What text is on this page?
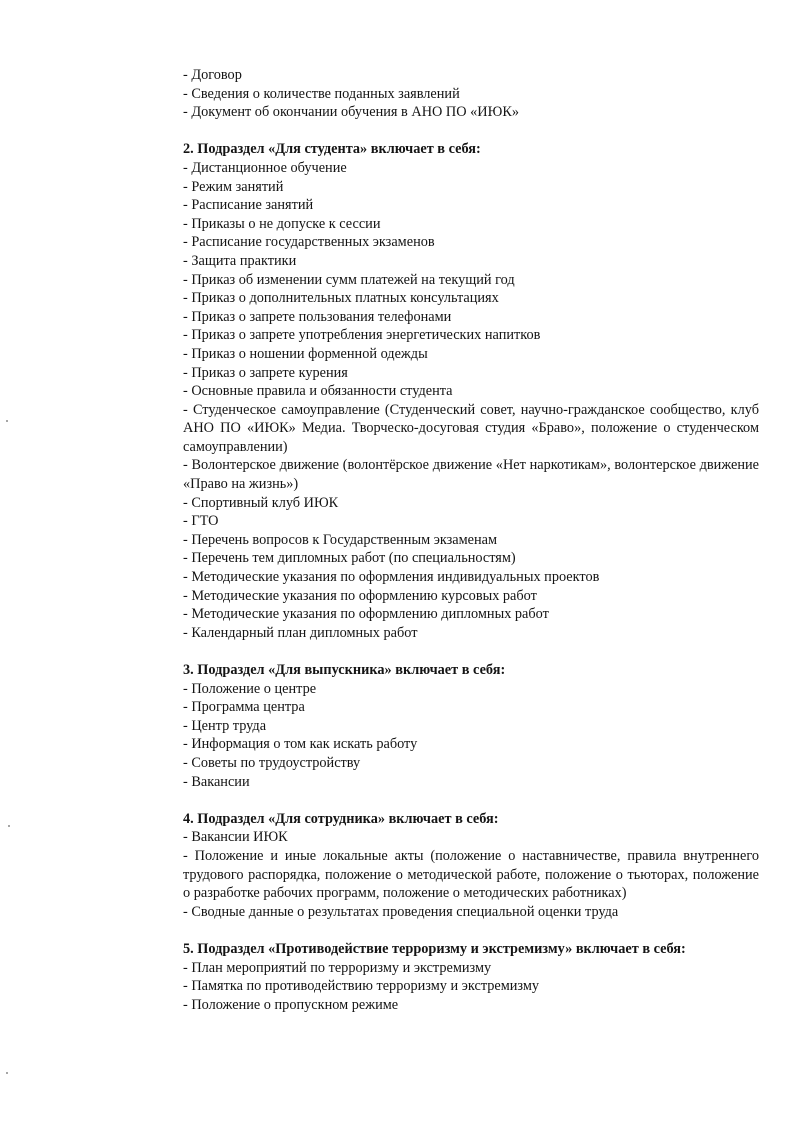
- Договор
- Сведения о количестве поданных заявлений
- Документ об окончании обучения в АНО ПО «ИЮК»
2. Подраздел «Для студента» включает в себя:
- Дистанционное обучение
- Режим занятий
- Расписание занятий
- Приказы о не допуске к сессии
- Расписание государственных экзаменов
- Защита практики
- Приказ об изменении сумм платежей на текущий год
- Приказ о дополнительных платных консультациях
- Приказ о запрете пользования телефонами
- Приказ о запрете употребления энергетических напитков
- Приказ о ношении форменной одежды
- Приказ о запрете курения
- Основные правила и обязанности студента
- Студенческое самоуправление (Студенческий совет, научно-гражданское сообщество, клуб АНО ПО «ИЮК» Медиа. Творческо-досуговая студия «Браво», положение о студенческом самоуправлении)
- Волонтерское движение (волонтёрское движение «Нет наркотикам», волонтерское движение «Право на жизнь»)
- Спортивный клуб ИЮК
- ГТО
- Перечень вопросов к Государственным экзаменам
- Перечень тем дипломных работ (по специальностям)
- Методические указания по оформления индивидуальных проектов
- Методические указания по оформлению курсовых работ
- Методические указания по оформлению дипломных работ
- Календарный план дипломных работ
3. Подраздел «Для выпускника» включает в себя:
- Положение о центре
- Программа центра
- Центр труда
- Информация о том как искать работу
- Советы по трудоустройству
- Вакансии
4. Подраздел «Для сотрудника» включает в себя:
- Вакансии ИЮК
- Положение и иные локальные акты (положение о наставничестве, правила внутреннего трудового распорядка, положение о методической работе, положение о тьюторах, положение о разработке рабочих программ, положение о методических работниках)
- Сводные данные о результатах проведения специальной оценки труда
5. Подраздел «Противодействие терроризму и экстремизму» включает в себя:
- План мероприятий по терроризму и экстремизму
- Памятка по противодействию терроризму и экстремизму
- Положение о пропускном режиме
